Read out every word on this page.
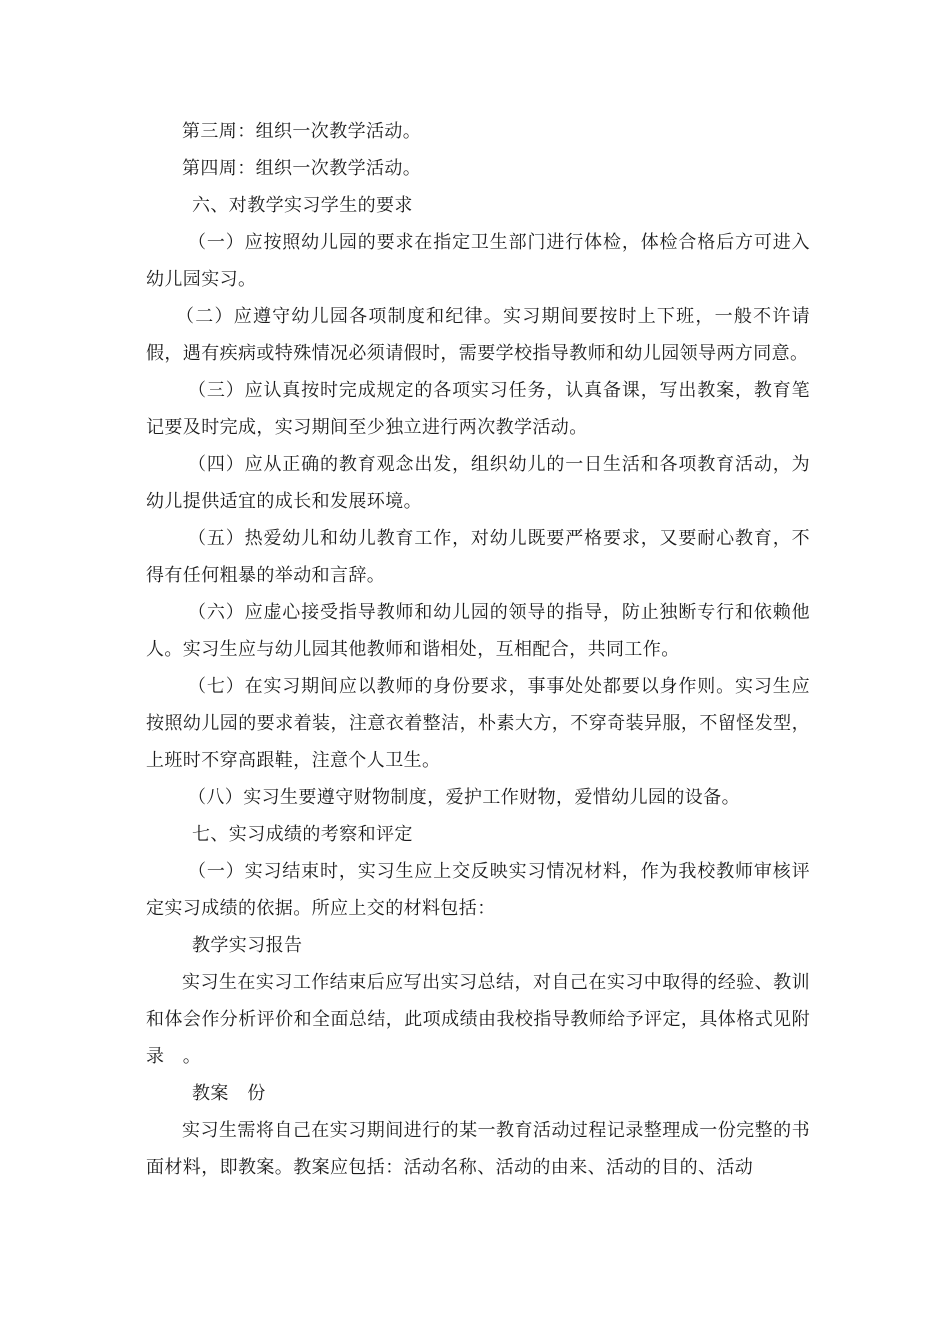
第三周：组织一次教学活动。

第四周：组织一次教学活动。

六、对教学实习学生的要求

（一）应按照幼儿园的要求在指定卫生部门进行体检，体检合格后方可进入幼儿园实习。

（二）应遵守幼儿园各项制度和纪律。实习期间要按时上下班，一般不许请假，遇有疾病或特殊情况必须请假时，需要学校指导教师和幼儿园领导两方同意。

（三）应认真按时完成规定的各项实习任务，认真备课，写出教案，教育笔记要及时完成，实习期间至少独立进行两次教学活动。

（四）应从正确的教育观念出发，组织幼儿的一日生活和各项教育活动，为幼儿提供适宜的成长和发展环境。

（五）热爱幼儿和幼儿教育工作，对幼儿既要严格要求，又要耐心教育，不得有任何粗暴的举动和言辞。

（六）应虚心接受指导教师和幼儿园的领导的指导，防止独断专行和依赖他人。实习生应与幼儿园其他教师和谐相处，互相配合，共同工作。

（七）在实习期间应以教师的身份要求，事事处处都要以身作则。实习生应按照幼儿园的要求着装，注意衣着整洁，朴素大方，不穿奇装异服，不留怪发型，上班时不穿高跟鞋，注意个人卫生。

（八）实习生要遵守财物制度，爱护工作财物，爱惜幼儿园的设备。

七、实习成绩的考察和评定

（一）实习结束时，实习生应上交反映实习情况材料，作为我校教师审核评定实习成绩的依据。所应上交的材料包括：

教学实习报告

实习生在实习工作结束后应写出实习总结，对自己在实习中取得的经验、教训和体会作分析评价和全面总结，此项成绩由我校指导教师给予评定，具体格式见附录　。

教案　份

实习生需将自己在实习期间进行的某一教育活动过程记录整理成一份完整的书面材料，即教案。教案应包括：活动名称、活动的由来、活动的目的、活动
